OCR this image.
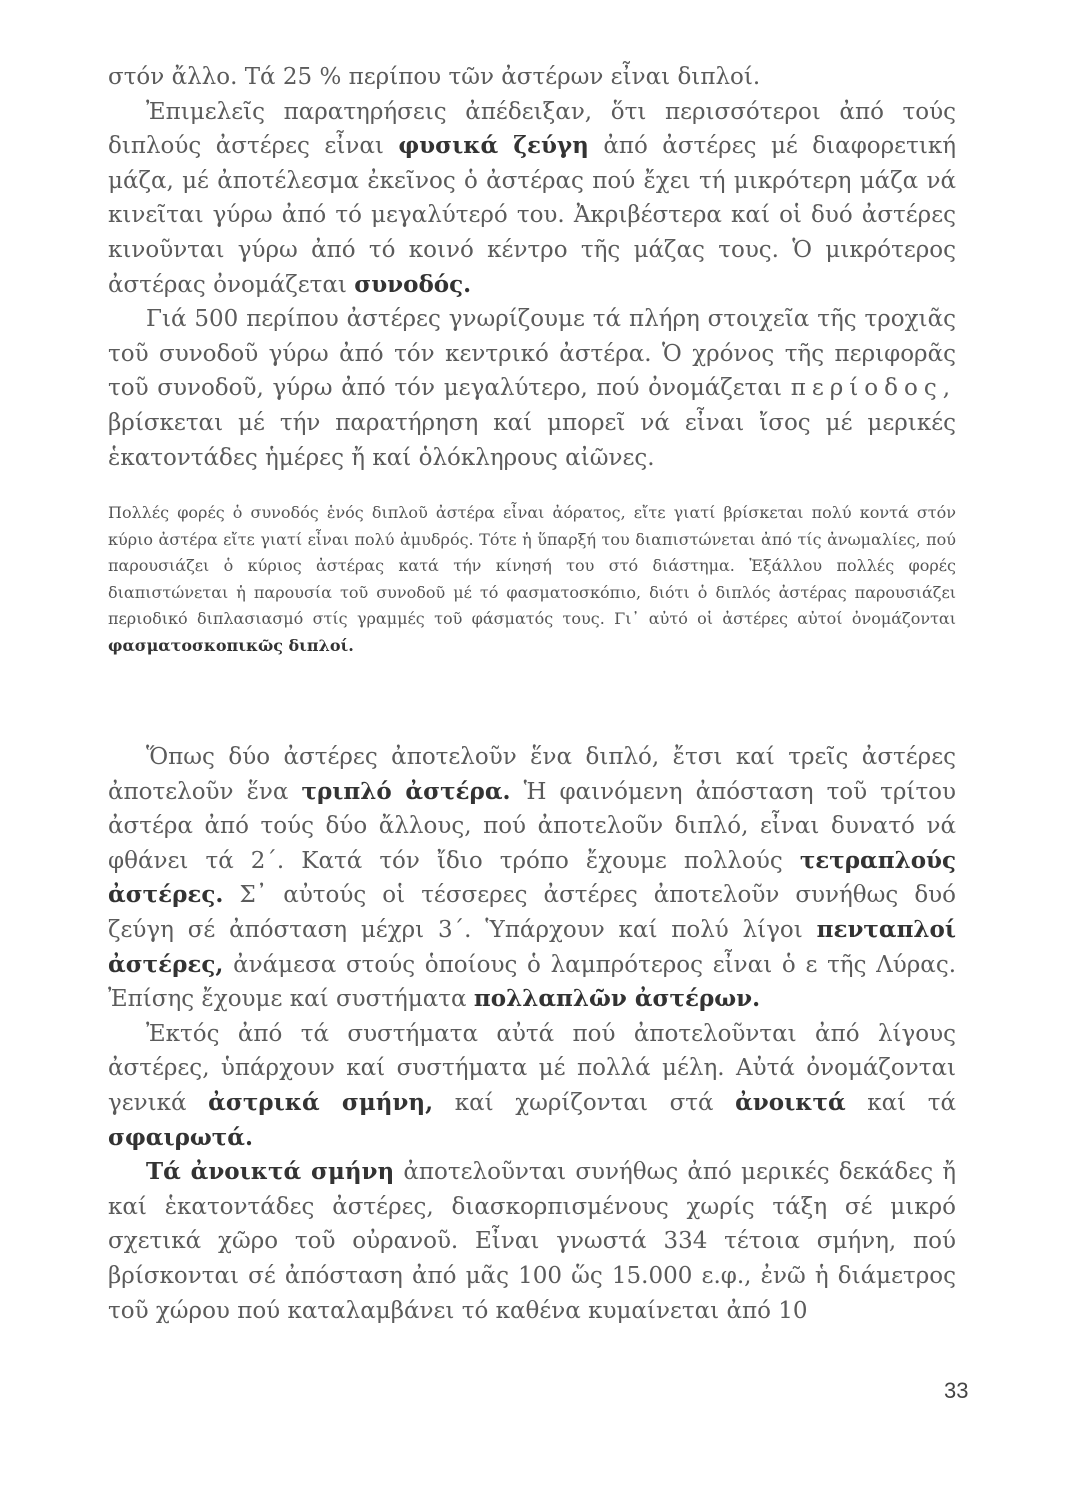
στόν ἄλλο. Τά 25 % περίπου τῶν ἀστέρων εἶναι διπλοί.

Ἐπιμελεῖς παρατηρήσεις ἀπέδειξαν, ὅτι περισσότεροι ἀπό τούς διπλούς ἀστέρες εἶναι φυσικά ζεύγη ἀπό ἀστέρες μέ διαφορετική μάζα, μέ ἀποτέλεσμα ἐκεῖνος ὁ ἀστέρας πού ἔχει τή μικρότερη μάζα νά κινεῖται γύρω ἀπό τό μεγαλύτερό του. Ἀκριβέστερα καί οἱ δυό ἀστέρες κινοῦνται γύρω ἀπό τό κοινό κέντρο τῆς μάζας τους. Ὁ μικρότερος ἀστέρας ὀνομάζεται συνοδός.

Γιά 500 περίπου ἀστέρες γνωρίζουμε τά πλήρη στοιχεῖα τῆς τροχιᾶς τοῦ συνοδοῦ γύρω ἀπό τόν κεντρικό ἀστέρα. Ὁ χρόνος τῆς περιφορᾶς τοῦ συνοδοῦ, γύρω ἀπό τόν μεγαλύτερο, πού ὀνομάζεται περίοδος, βρίσκεται μέ τήν παρατήρηση καί μπορεῖ νά εἶναι ἴσος μέ μερικές ἑκατοντάδες ἡμέρες ἤ καί ὁλόκληρους αἰῶνες.

Πολλές φορές ὁ συνοδός ἑνός διπλοῦ ἀστέρα εἶναι ἀόρατος, εἴτε γιατί βρίσκεται πολύ κοντά στόν κύριο ἀστέρα εἴτε γιατί εἶναι πολύ ἀμυδρός. Τότε ἡ ὕπαρξή του διαπιστώνεται ἀπό τίς ἀνωμαλίες, πού παρουσιάζει ὁ κύριος ἀστέρας κατά τήν κίνησή του στό διάστημα. Ἐξάλλου πολλές φορές διαπιστώνεται ἡ παρουσία τοῦ συνοδοῦ μέ τό φασματοσκόπιο, διότι ὁ διπλός ἀστέρας παρουσιάζει περιοδικό διπλασιασμό στίς γραμμές τοῦ φάσματός τους. Γι᾽ αὐτό οἱ ἀστέρες αὐτοί ὀνομάζονται φασματοσκοπικῶς διπλοί.

Ὅπως δύο ἀστέρες ἀποτελοῦν ἕνα διπλό, ἔτσι καί τρεῖς ἀστέρες ἀποτελοῦν ἕνα τριπλό ἀστέρα. Ἡ φαινόμενη ἀπόσταση τοῦ τρίτου ἀστέρα ἀπό τούς δύο ἄλλους, πού ἀποτελοῦν διπλό, εἶναι δυνατό νά φθάνει τά 2΄. Κατά τόν ἴδιο τρόπο ἔχουμε πολλούς τετραπλούς ἀστέρες. Σ᾽ αὐτούς οἱ τέσσερες ἀστέρες ἀποτελοῦν συνήθως δυό ζεύγη σέ ἀπόσταση μέχρι 3΄. Ὑπάρχουν καί πολύ λίγοι πενταπλοί ἀστέρες, ἀνάμεσα στούς ὁποίους ὁ λαμπρότερος εἶναι ὁ ε τῆς Λύρας. Ἐπίσης ἔχουμε καί συστήματα πολλαπλῶν ἀστέρων.

Ἐκτός ἀπό τά συστήματα αὐτά πού ἀποτελοῦνται ἀπό λίγους ἀστέρες, ὑπάρχουν καί συστήματα μέ πολλά μέλη. Αὐτά ὀνομάζονται γενικά ἀστρικά σμήνη, καί χωρίζονται στά ἀνοικτά καί τά σφαιρωτά.

Τά ἀνοικτά σμήνη ἀποτελοῦνται συνήθως ἀπό μερικές δεκάδες ἤ καί ἑκατοντάδες ἀστέρες, διασκορπισμένους χωρίς τάξη σέ μικρό σχετικά χῶρο τοῦ οὐρανοῦ. Εἶναι γνωστά 334 τέτοια σμήνη, πού βρίσκονται σέ ἀπόσταση ἀπό μᾶς 100 ὥς 15.000 ε.φ., ἐνῶ ἡ διάμετρος τοῦ χώρου πού καταλαμβάνει τό καθένα κυμαίνεται ἀπό 10

33
